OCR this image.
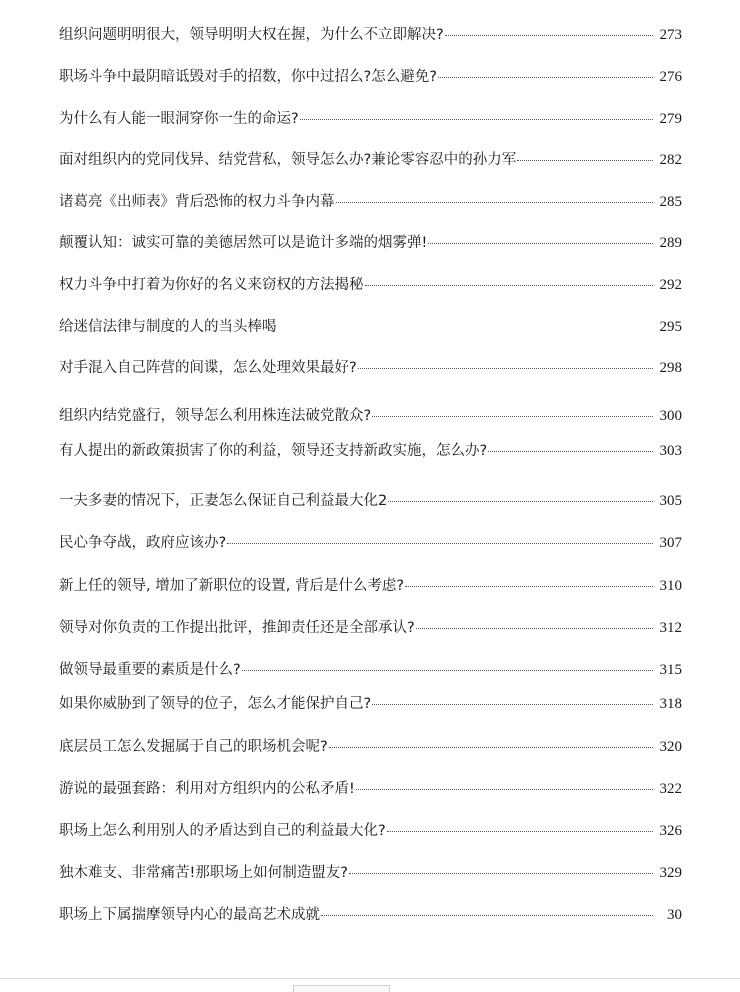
组织问题明明很大，领导明明大权在握，为什么不立即解决?	273
职场斗争中最阴暗诋毁对手的招数，你中过招么?怎么避免?	276
为什么有人能一眼洞穿你一生的命运?	279
面对组织内的党同伐异、结党营私，领导怎么办?兼论零容忍中的孙力军	282
诸葛亮《出师表》背后恐怖的权力斗争内幕	285
颠覆认知：诚实可靠的美德居然可以是诡计多端的烟雾弹!	289
权力斗争中打着为你好的名义来窃权的方法揭秘	292
给迷信法律与制度的人的当头棒喝	295
对手混入自己阵营的间谍，怎么处理效果最好?	298
组织内结党盛行，领导怎么利用株连法破党散众?	300
有人提出的新政策损害了你的利益，领导还支持新政实施，怎么办?	303
一夫多妻的情况下，正妻怎么保证自己利益最大化2	305
民心争夺战，政府应该办?	307
新上任的领导, 增加了新职位的设置, 背后是什么考虑?	310
领导对你负责的工作提出批评，推卸责任还是全部承认?	312
做领导最重要的素质是什么?	315
如果你威胁到了领导的位子，怎么才能保护自己?	318
底层员工怎么发掘属于自己的职场机会呢?	320
游说的最强套路：利用对方组织内的公私矛盾!	322
职场上怎么利用别人的矛盾达到自己的利益最大化?	326
独木难支、非常痛苦!那职场上如何制造盟友?	329
职场上下属揣摩领导内心的最高艺术成就	30
